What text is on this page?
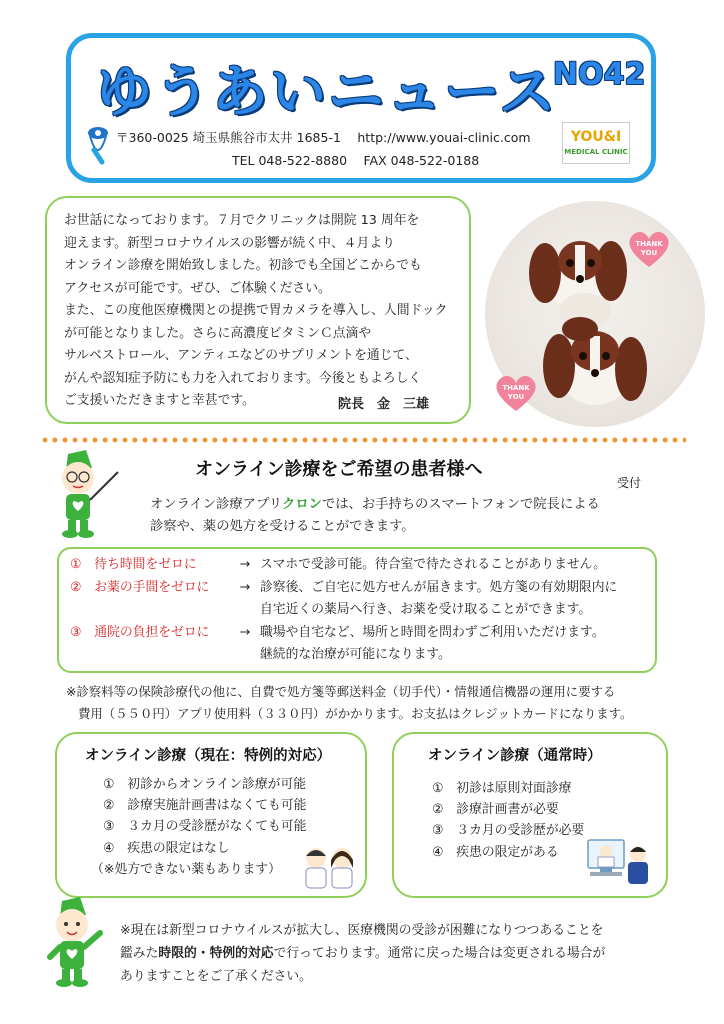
ゆうあいニュース
NO42
〒360-0025 埼玉県熊谷市太井 1685-1　 http://www.youai-clinic.com
TEL 048-522-8880　 FAX 048-522-0188
YOU&I
MEDICAL CLINIC
お世話になっております。７月でクリニックは開院 13 周年を
迎えます。新型コロナウイルスの影響が続く中、４月より
オンライン診療を開始致しました。初診でも全国どこからでも
アクセスが可能です。ぜひ、ご体験ください。
また、この度他医療機関との提携で胃カメラを導入し、人間ドック
が可能となりました。さらに高濃度ビタミンＣ点滴や
サルベストロール、アンティエなどのサプリメントを通じて、
がんや認知症予防にも力を入れております。今後ともよろしく
ご支援いただきますと幸甚です。	院長　金　三雄
THANK
YOU
THANK
YOU
オンライン診療をご希望の患者様へ
受付
オンライン診療アプリクロンでは、お手持ちのスマートフォンで院長による
診察や、薬の処方を受けることができます。
①　待ち時間をゼロに	→ スマホで受診可能。待合室で待たされることがありません。
②　お薬の手間をゼロに	→ 診察後、ご自宅に処方せんが届きます。処方箋の有効期限内に
自宅近くの薬局へ行き、お薬を受け取ることができます。
③　通院の負担をゼロに	→ 職場や自宅など、場所と時間を問わずご利用いただけます。
継続的な治療が可能になります。
※診察料等の保険診療代の他に、自費で処方箋等郵送料金（切手代）・情報通信機器の運用に要する
費用（５５０円）アプリ使用料（３３０円）がかかります。お支払はクレジットカードになります。
オンライン診療（現在：特例的対応）
①　初診からオンライン診療が可能
②　診療実施計画書はなくても可能
③　３カ月の受診歴がなくても可能
④　疾患の限定はなし
（※処方できない薬もあります）
オンライン診療（通常時）
①　初診は原則対面診療
②　診療計画書が必要
③　３カ月の受診歴が必要
④　疾患の限定がある
※現在は新型コロナウイルスが拡大し、医療機関の受診が困難になりつつあることを
鑑みた時限的・特例的対応で行っております。通常に戻った場合は変更される場合が
ありますことをご了承ください。
